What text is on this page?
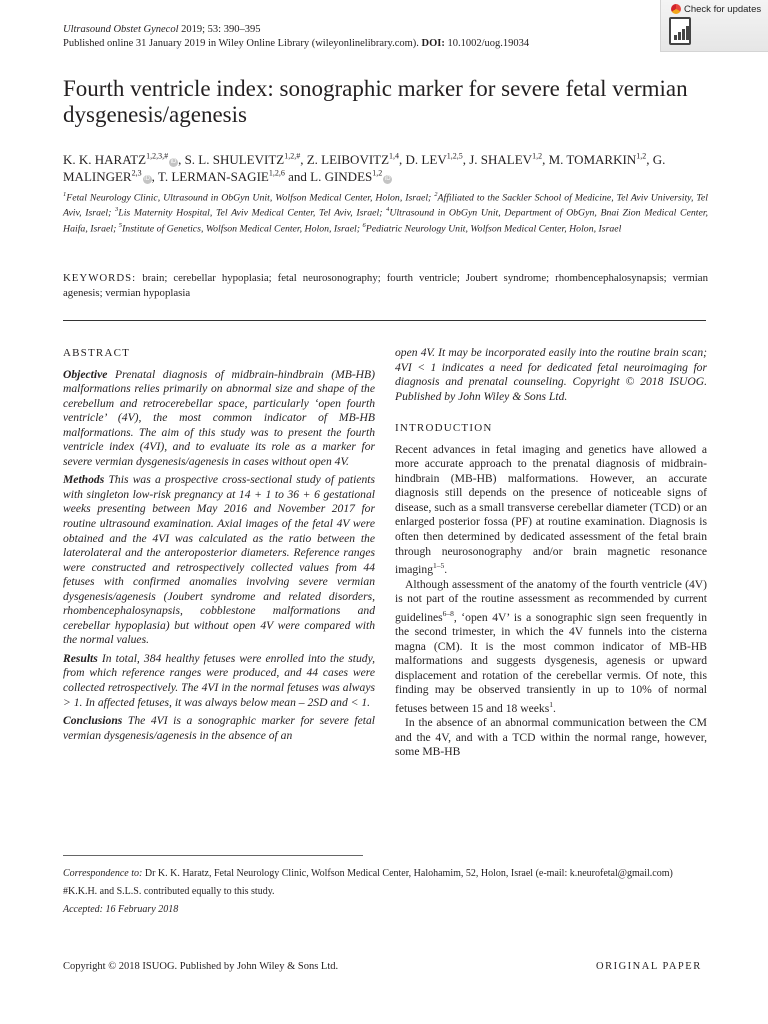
Ultrasound Obstet Gynecol 2019; 53: 390–395
Published online 31 January 2019 in Wiley Online Library (wileyonlinelibrary.com). DOI: 10.1002/uog.19034
Check for updates
Fourth ventricle index: sonographic marker for severe fetal vermian dysgenesis/agenesis
K. K. $HARATZ^{1,2,3,\#}iD$ , S. L. $SHULEVITZ^{1,2,\#}$, Z. LEIBOVITZ$^{1,4}$, D. LEV$^{1,2,5}$, J. SHALEV$^{1,2}$, M. TOMARKIN$^{1,2}$, G. MALINGER$^{2,3}$iD , T. LERMAN-SAGIE$^{1,2,6}$ and L. GINDES$^{1,2}$iD
$^1$Fetal Neurology Clinic, Ultrasound in ObGyn Unit, Wolfson Medical Center, Holon, Israel; $^2$Affiliated to the Sackler School of Medicine, Tel Aviv University, Tel Aviv, Israel; $^3$Lis Maternity Hospital, Tel Aviv Medical Center, Tel Aviv, Israel; $^4$Ultrasound in ObGyn Unit, Department of ObGyn, Bnai Zion Medical Center, Haifa, Israel; $^5$Institute of Genetics, Wolfson Medical Center, Holon, Israel; $^6$Pediatric Neurology Unit, Wolfson Medical Center, Holon, Israel
KEYWORDS: brain; cerebellar hypoplasia; fetal neurosonography; fourth ventricle; Joubert syndrome; rhombencephalosynapsis; vermian agenesis; vermian hypoplasia
ABSTRACT

Objective Prenatal diagnosis of midbrain-hindbrain (MB-HB) malformations relies primarily on abnormal size and shape of the cerebellum and retrocerebellar space, particularly ‘open fourth ventricle’ (4V), the most common indicator of MB-HB malformations. The aim of this study was to present the fourth ventricle index (4VI), and to evaluate its role as a marker for severe vermian dysgenesis/agenesis in cases without open 4V.

Methods This was a prospective cross-sectional study of patients with singleton low-risk pregnancy at 14 + 1 to 36 + 6 gestational weeks presenting between May 2016 and November 2017 for routine ultrasound examination. Axial images of the fetal 4V were obtained and the 4VI was calculated as the ratio between the laterolateral and the anteroposterior diameters. Reference ranges were constructed and retrospectively collected values from 44 fetuses with confirmed anomalies involving severe vermian dysgenesis/agenesis (Joubert syndrome and related disorders, rhombencephalosynapsis, cobblestone malformations and cerebellar hypoplasia) but without open 4V were compared with the normal values.

Results In total, 384 healthy fetuses were enrolled into the study, from which reference ranges were produced, and 44 cases were collected retrospectively. The 4VI in the normal fetuses was always > 1. In affected fetuses, it was always below mean – 2SD and < 1.

Conclusions The 4VI is a sonographic marker for severe fetal vermian dysgenesis/agenesis in the absence of an

open 4V. It may be incorporated easily into the routine brain scan; 4VI < 1 indicates a need for dedicated fetal neuroimaging for diagnosis and prenatal counseling. Copyright © 2018 ISUOG. Published by John Wiley & Sons Ltd.

INTRODUCTION

Recent advances in fetal imaging and genetics have allowed a more accurate approach to the prenatal diagnosis of midbrain-hindbrain (MB-HB) malformations. However, an accurate diagnosis still depends on the presence of noticeable signs of disease, such as a small transverse cerebellar diameter (TCD) or an enlarged posterior fossa (PF) at routine examination. Diagnosis is often then determined by dedicated assessment of the fetal brain through neurosonography and/or brain magnetic resonance imaging$^{1-5}$.

Although assessment of the anatomy of the fourth ventricle (4V) is not part of the routine assessment as recommended by current guidelines$^{6-8}$, ‘open 4V’ is a sonographic sign seen frequently in the second trimester, in which the 4V funnels into the cisterna magna (CM). It is the most common indicator of MB-HB malformations and suggests dysgenesis, agenesis or upward displacement and rotation of the cerebellar vermis. Of note, this finding may be observed transiently in up to 10% of normal fetuses between 15 and 18 weeks$^1$.

In the absence of an abnormal communication between the CM and the 4V, and with a TCD within the normal range, however, some MB-HB

Correspondence to: Dr K. K. Haratz, Fetal Neurology Clinic, Wolfson Medical Center, Halohamim, 52, Holon, Israel (e-mail: k.neurofetal@gmail.com)

#K.K.H. and S.L.S. contributed equally to this study.

Accepted: 16 February 2018

Copyright © 2018 ISUOG. Published by John Wiley & Sons Ltd.	ORIGINAL PAPER
